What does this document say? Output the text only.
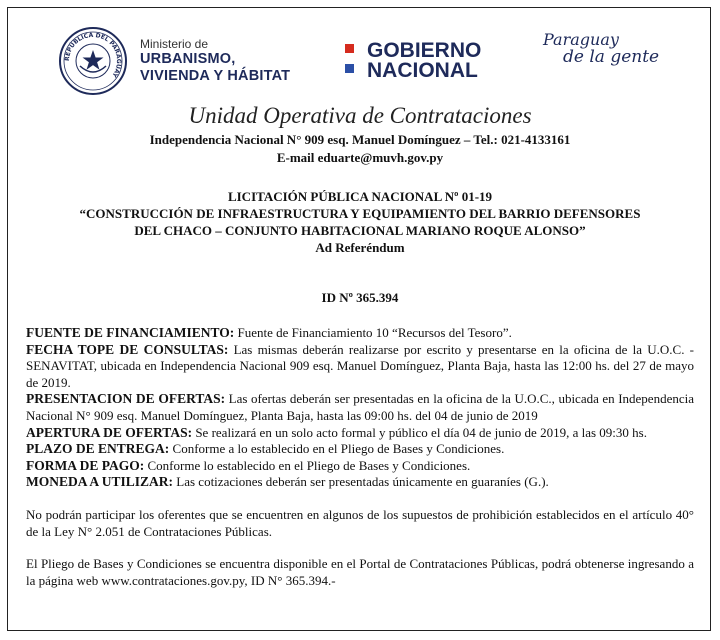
REPÚBLICA DEL PARAGUAY
Ministerio de
URBANISMO,
VIVIENDA Y HÁBITAT
GOBIERNO
NACIONAL
Paraguay
de la gente
Unidad Operativa de Contrataciones
Independencia Nacional N° 909 esq. Manuel Domínguez – Tel.: 021-4133161
E-mail eduarte@muvh.gov.py
LICITACIÓN PÚBLICA NACIONAL Nº 01-19
“CONSTRUCCIÓN DE INFRAESTRUCTURA Y EQUIPAMIENTO DEL BARRIO DEFENSORES
DEL CHACO – CONJUNTO HABITACIONAL MARIANO ROQUE ALONSO”
Ad Referéndum
ID Nº 365.394

FUENTE DE FINANCIAMIENTO: Fuente de Financiamiento 10 “Recursos del Tesoro”.

FECHA TOPE DE CONSULTAS: Las mismas deberán realizarse por escrito y presentarse en la oficina de la U.O.C. - SENAVITAT, ubicada en Independencia Nacional 909 esq. Manuel Domínguez, Planta Baja, hasta las 12:00 hs. del 27 de mayo de 2019.

PRESENTACION DE OFERTAS: Las ofertas deberán ser presentadas en la oficina de la U.O.C., ubicada en Independencia Nacional N° 909 esq. Manuel Domínguez, Planta Baja, hasta las 09:00 hs. del 04 de junio de 2019

APERTURA DE OFERTAS: Se realizará en un solo acto formal y público el día 04 de junio de 2019, a las 09:30 hs.

PLAZO DE ENTREGA: Conforme a lo establecido en el Pliego de Bases y Condiciones.

FORMA DE PAGO: Conforme lo establecido en el Pliego de Bases y Condiciones.

MONEDA A UTILIZAR: Las cotizaciones deberán ser presentadas únicamente en guaraníes (G.).

No podrán participar los oferentes que se encuentren en algunos de los supuestos de prohibición establecidos en el artículo 40° de la Ley N° 2.051 de Contrataciones Públicas.

El Pliego de Bases y Condiciones se encuentra disponible en el Portal de Contrataciones Públicas, podrá obtenerse ingresando a la página web www.contrataciones.gov.py, ID N° 365.394.-
